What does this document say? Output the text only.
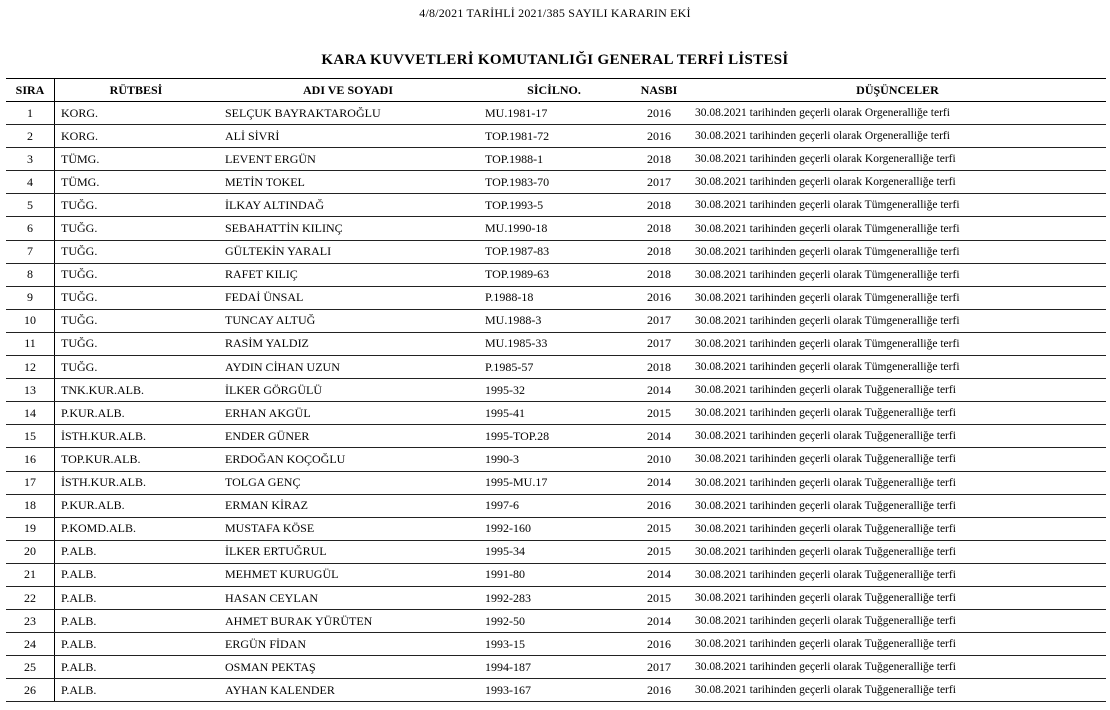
4/8/2021 TARİHLİ 2021/385 SAYILI KARARIN EKİ
KARA KUVVETLERİ KOMUTANLIĞI GENERAL TERFİ LİSTESİ
SIRA	RÜTBESİ	ADI VE SOYADI	SİCİLNO.	NASBI	DÜŞÜNCELER
1	KORG.	SELÇUK BAYRAKTAROĞLU	MU.1981-17	2016	30.08.2021 tarihinden geçerli olarak Orgeneralliğe terfi
2	KORG.	ALİ SİVRİ	TOP.1981-72	2016	30.08.2021 tarihinden geçerli olarak Orgeneralliğe terfi
3	TÜMG.	LEVENT ERGÜN	TOP.1988-1	2018	30.08.2021 tarihinden geçerli olarak Korgeneralliğe terfi
4	TÜMG.	METİN TOKEL	TOP.1983-70	2017	30.08.2021 tarihinden geçerli olarak Korgeneralliğe terfi
5	TUĞG.	İLKAY ALTINDAĞ	TOP.1993-5	2018	30.08.2021 tarihinden geçerli olarak Tümgeneralliğe terfi
6	TUĞG.	SEBAHATTİN KILINÇ	MU.1990-18	2018	30.08.2021 tarihinden geçerli olarak Tümgeneralliğe terfi
7	TUĞG.	GÜLTEKİN YARALI	TOP.1987-83	2018	30.08.2021 tarihinden geçerli olarak Tümgeneralliğe terfi
8	TUĞG.	RAFET KILIÇ	TOP.1989-63	2018	30.08.2021 tarihinden geçerli olarak Tümgeneralliğe terfi
9	TUĞG.	FEDAİ ÜNSAL	P.1988-18	2016	30.08.2021 tarihinden geçerli olarak Tümgeneralliğe terfi
10	TUĞG.	TUNCAY ALTUĞ	MU.1988-3	2017	30.08.2021 tarihinden geçerli olarak Tümgeneralliğe terfi
11	TUĞG.	RASİM YALDIZ	MU.1985-33	2017	30.08.2021 tarihinden geçerli olarak Tümgeneralliğe terfi
12	TUĞG.	AYDIN CİHAN UZUN	P.1985-57	2018	30.08.2021 tarihinden geçerli olarak Tümgeneralliğe terfi
13	TNK.KUR.ALB.	İLKER GÖRGÜLÜ	1995-32	2014	30.08.2021 tarihinden geçerli olarak Tuğgeneralliğe terfi
14	P.KUR.ALB.	ERHAN AKGÜL	1995-41	2015	30.08.2021 tarihinden geçerli olarak Tuğgeneralliğe terfi
15	İSTH.KUR.ALB.	ENDER GÜNER	1995-TOP.28	2014	30.08.2021 tarihinden geçerli olarak Tuğgeneralliğe terfi
16	TOP.KUR.ALB.	ERDOĞAN KOÇOĞLU	1990-3	2010	30.08.2021 tarihinden geçerli olarak Tuğgeneralliğe terfi
17	İSTH.KUR.ALB.	TOLGA GENÇ	1995-MU.17	2014	30.08.2021 tarihinden geçerli olarak Tuğgeneralliğe terfi
18	P.KUR.ALB.	ERMAN KİRAZ	1997-6	2016	30.08.2021 tarihinden geçerli olarak Tuğgeneralliğe terfi
19	P.KOMD.ALB.	MUSTAFA KÖSE	1992-160	2015	30.08.2021 tarihinden geçerli olarak Tuğgeneralliğe terfi
20	P.ALB.	İLKER ERTUĞRUL	1995-34	2015	30.08.2021 tarihinden geçerli olarak Tuğgeneralliğe terfi
21	P.ALB.	MEHMET KURUGÜL	1991-80	2014	30.08.2021 tarihinden geçerli olarak Tuğgeneralliğe terfi
22	P.ALB.	HASAN CEYLAN	1992-283	2015	30.08.2021 tarihinden geçerli olarak Tuğgeneralliğe terfi
23	P.ALB.	AHMET BURAK YÜRÜTEN	1992-50	2014	30.08.2021 tarihinden geçerli olarak Tuğgeneralliğe terfi
24	P.ALB.	ERGÜN FİDAN	1993-15	2016	30.08.2021 tarihinden geçerli olarak Tuğgeneralliğe terfi
25	P.ALB.	OSMAN PEKTAŞ	1994-187	2017	30.08.2021 tarihinden geçerli olarak Tuğgeneralliğe terfi
26	P.ALB.	AYHAN KALENDER	1993-167	2016	30.08.2021 tarihinden geçerli olarak Tuğgeneralliğe terfi
